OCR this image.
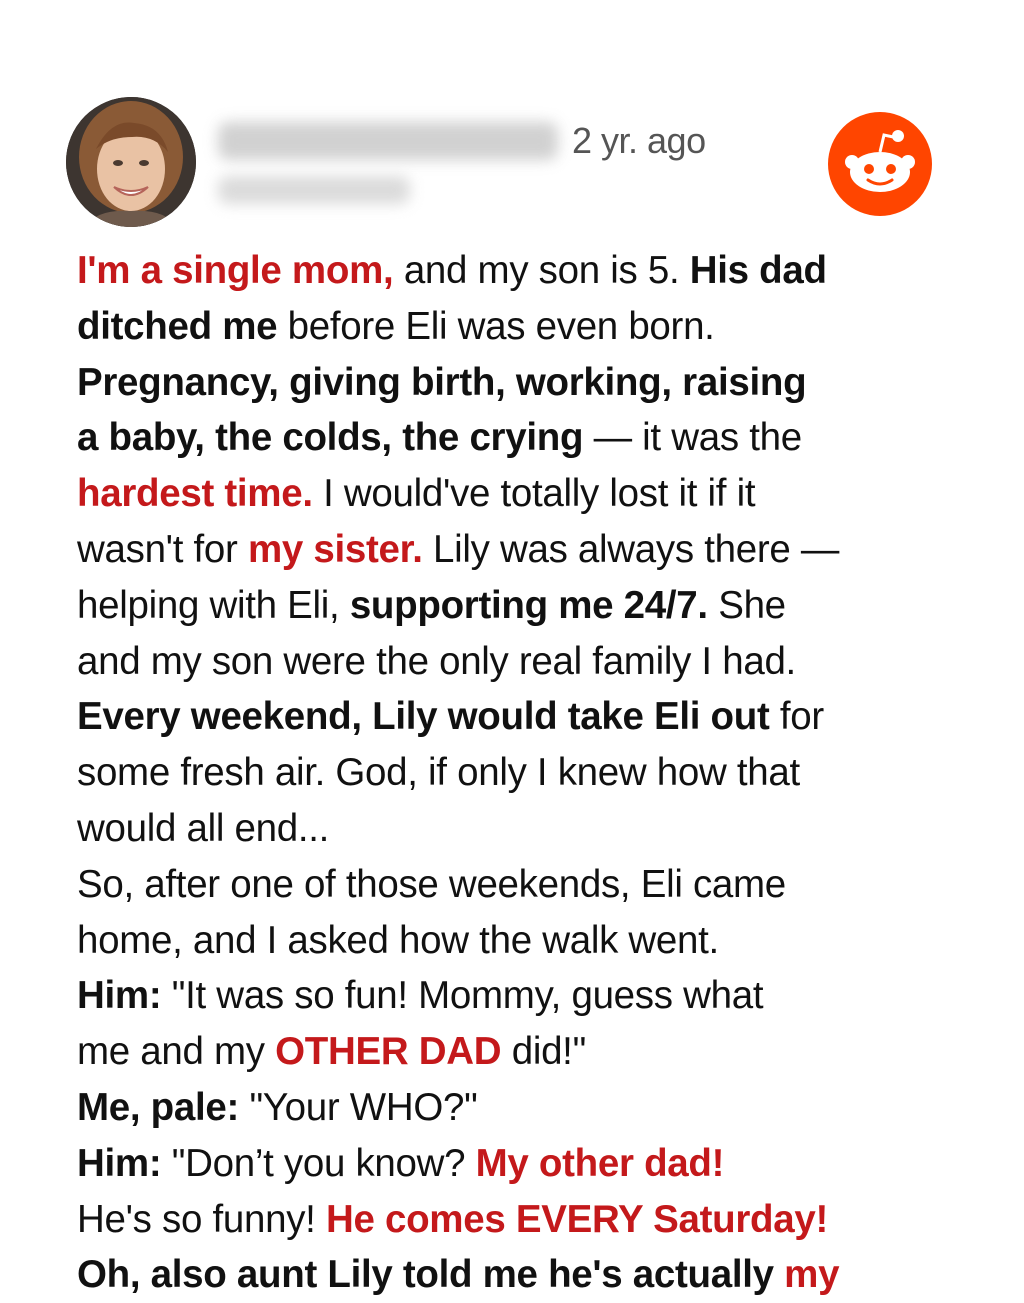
2 yr. ago

I'm a single mom, and my son is 5. His dad

ditched me before Eli was even born.

Pregnancy, giving birth, working, raising

a baby, the colds, the crying — it was the

hardest time. I would've totally lost it if it

wasn't for my sister. Lily was always there —

helping with Eli, supporting me 24/7. She

and my son were the only real family I had.

Every weekend, Lily would take Eli out for

some fresh air. God, if only I knew how that

would all end...

So, after one of those weekends, Eli came

home, and I asked how the walk went.

Him: "It was so fun! Mommy, guess what

me and my OTHER DAD did!"

Me, pale: "Your WHO?"

Him: "Don’t you know? My other dad!

He's so funny! He comes EVERY Saturday!

Oh, also aunt Lily told me he's actually my
